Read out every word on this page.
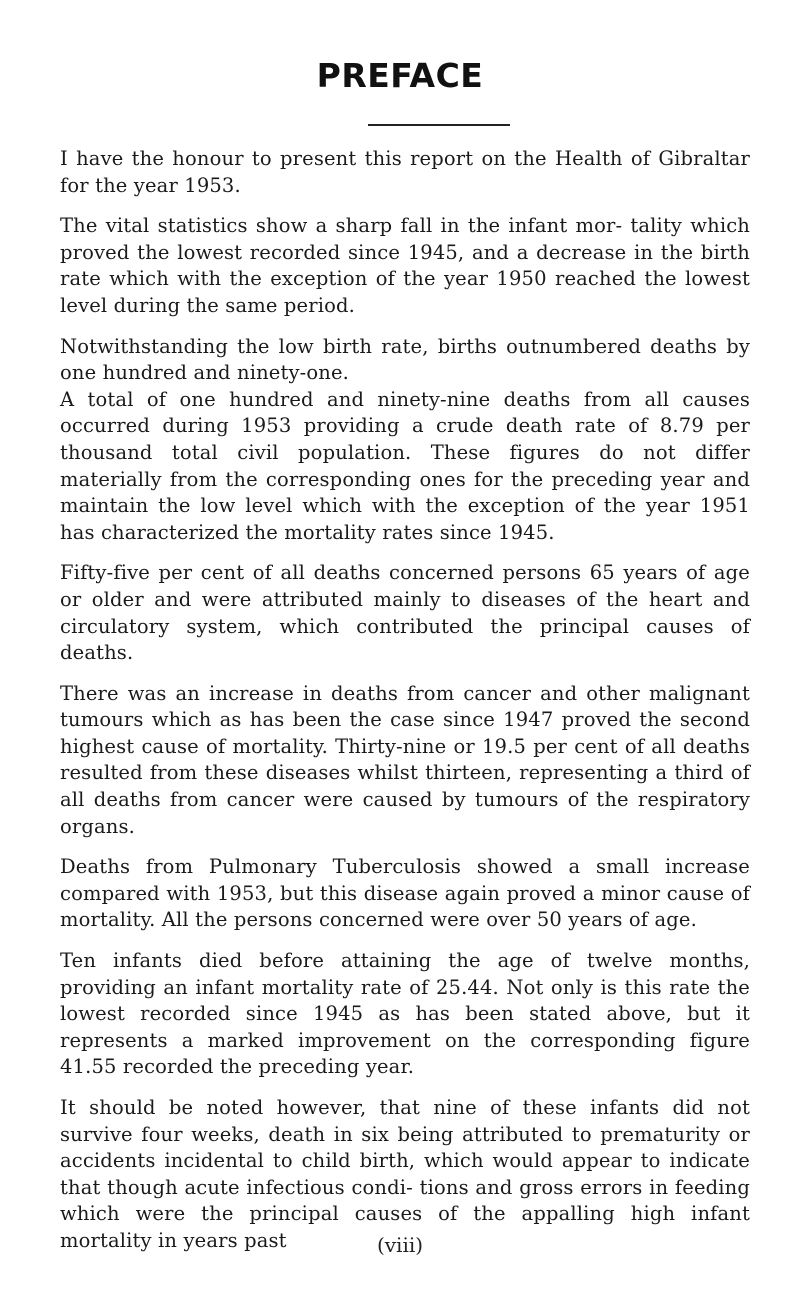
PREFACE

I have the honour to present this report on the Health of Gibraltar for the year 1953.

The vital statistics show a sharp fall in the infant mor- tality which proved the lowest recorded since 1945, and a decrease in the birth rate which with the exception of the year 1950 reached the lowest level during the same period.

Notwithstanding the low birth rate, births outnumbered deaths by one hundred and ninety-one.

A total of one hundred and ninety-nine deaths from all causes occurred during 1953 providing a crude death rate of 8.79 per thousand total civil population. These figures do not differ materially from the corresponding ones for the preceding year and maintain the low level which with the exception of the year 1951 has characterized the mortality rates since 1945.

Fifty-five per cent of all deaths concerned persons 65 years of age or older and were attributed mainly to diseases of the heart and circulatory system, which contributed the principal causes of deaths.

There was an increase in deaths from cancer and other malignant tumours which as has been the case since 1947 proved the second highest cause of mortality. Thirty-nine or 19.5 per cent of all deaths resulted from these diseases whilst thirteen, representing a third of all deaths from cancer were caused by tumours of the respiratory organs.

Deaths from Pulmonary Tuberculosis showed a small increase compared with 1953, but this disease again proved a minor cause of mortality. All the persons concerned were over 50 years of age.

Ten infants died before attaining the age of twelve months, providing an infant mortality rate of 25.44. Not only is this rate the lowest recorded since 1945 as has been stated above, but it represents a marked improvement on the corresponding figure 41.55 recorded the preceding year.

It should be noted however, that nine of these infants did not survive four weeks, death in six being attributed to prematurity or accidents incidental to child birth, which would appear to indicate that though acute infectious condi- tions and gross errors in feeding which were the principal causes of the appalling high infant mortality in years past	(viii)
